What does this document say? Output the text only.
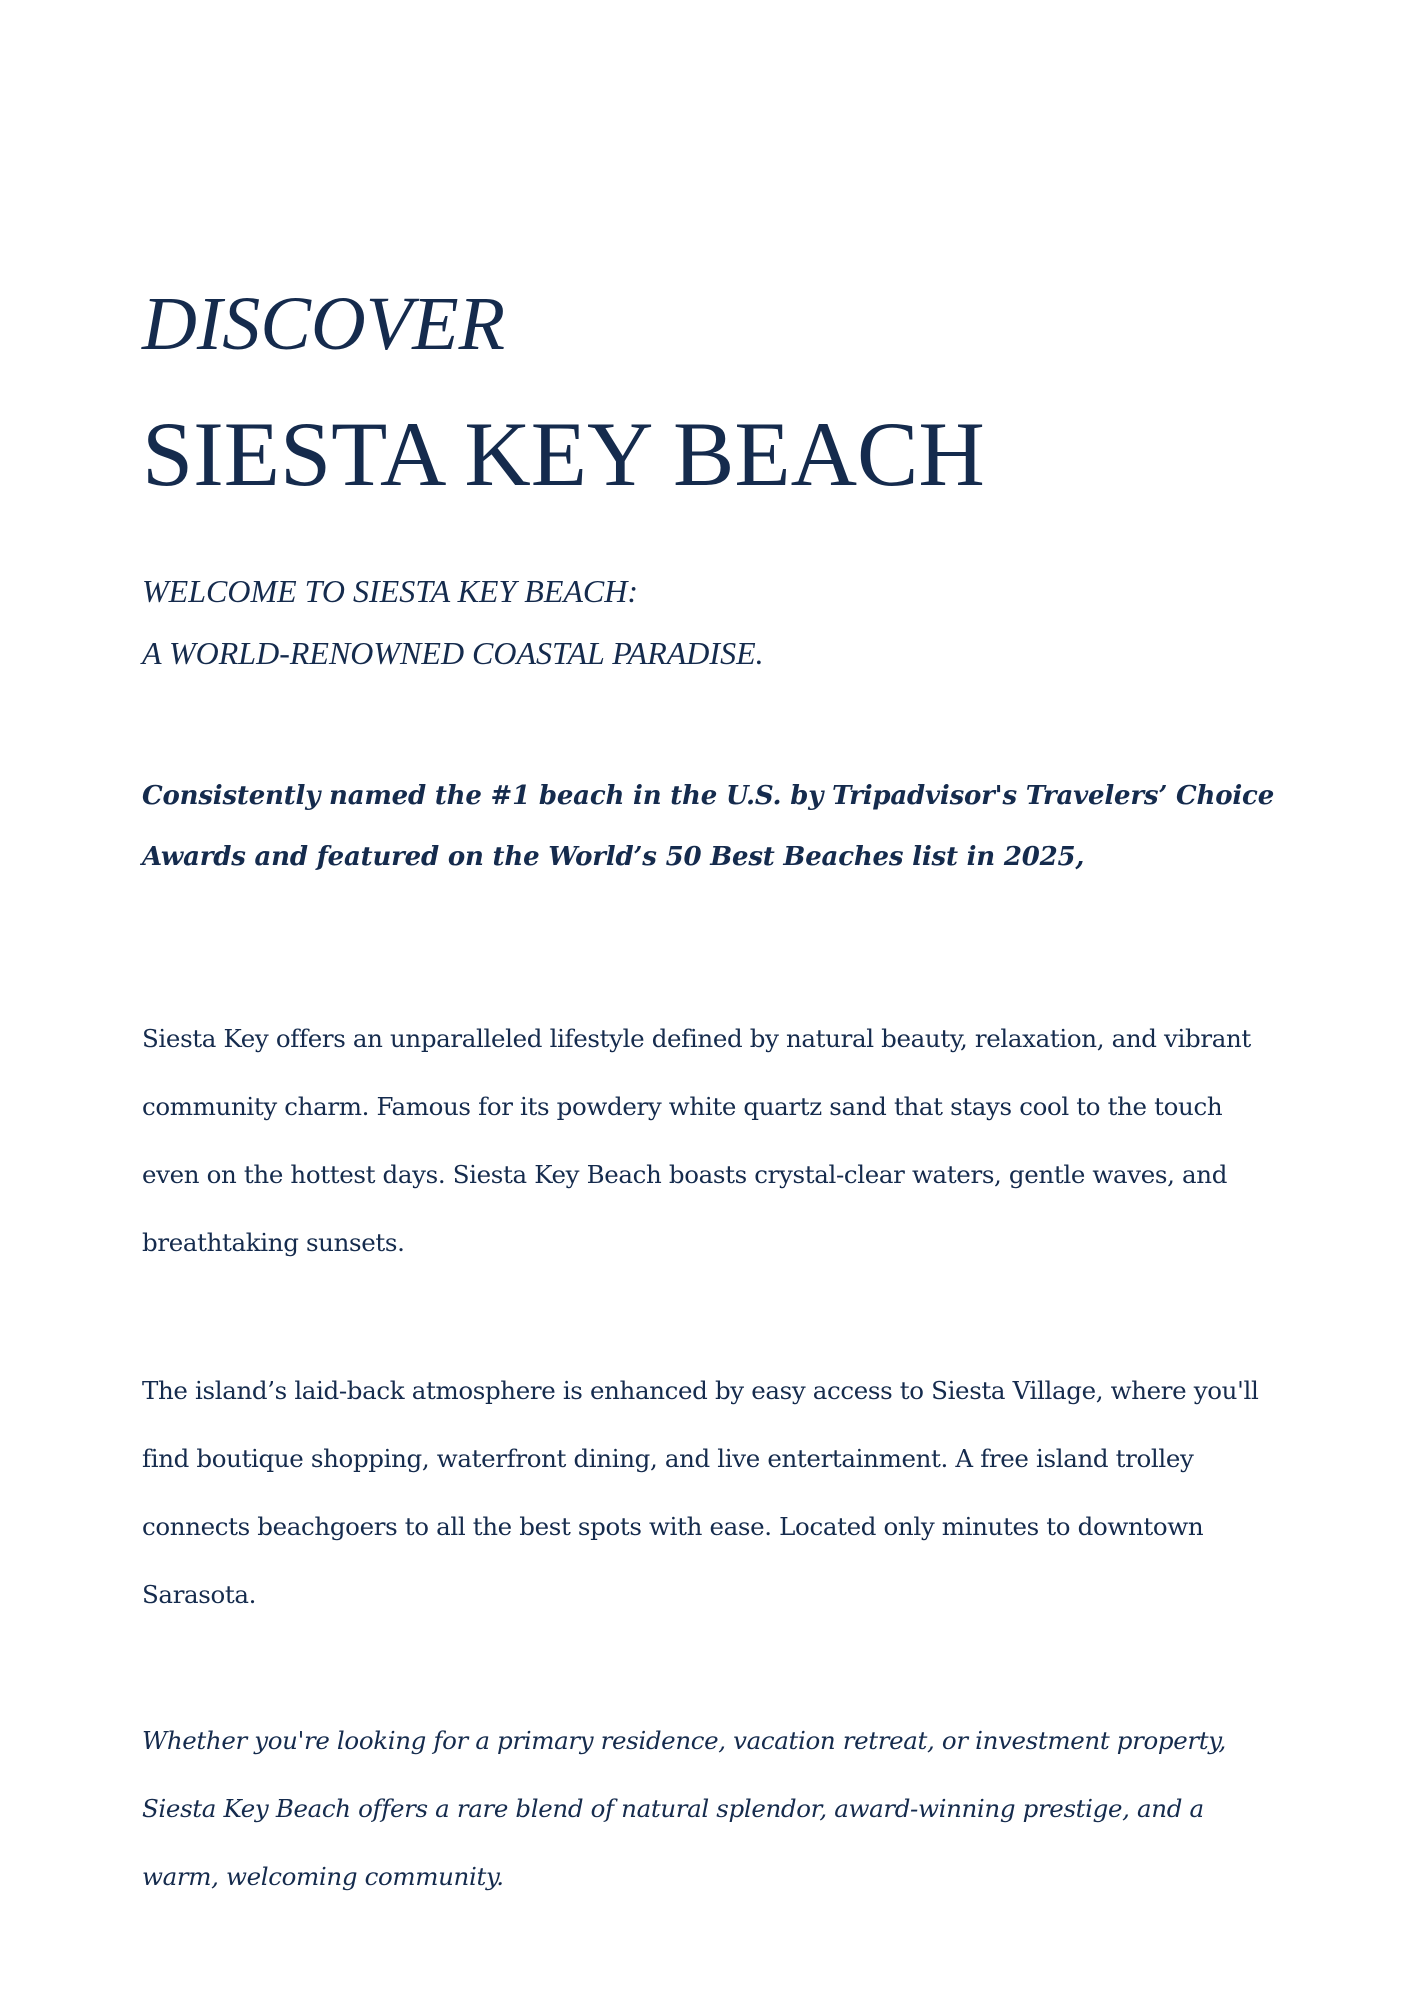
DISCOVER
SIESTA KEY BEACH
WELCOME TO SIESTA KEY BEACH:
A WORLD-RENOWNED COASTAL PARADISE.

Consistently named the #1 beach in the U.S. by Tripadvisor's Travelers’ Choice Awards and featured on the World’s 50 Best Beaches list in 2025,

Siesta Key offers an unparalleled lifestyle defined by natural beauty, relaxation, and vibrant community charm. Famous for its powdery white quartz sand that stays cool to the touch even on the hottest days. Siesta Key Beach boasts crystal-clear waters, gentle waves, and breathtaking sunsets.

The island’s laid-back atmosphere is enhanced by easy access to Siesta Village, where you'll find boutique shopping, waterfront dining, and live entertainment. A free island trolley connects beachgoers to all the best spots with ease. Located only minutes to downtown Sarasota.

Whether you're looking for a primary residence, vacation retreat, or investment property, Siesta Key Beach offers a rare blend of natural splendor, award-winning prestige, and a warm, welcoming community.
